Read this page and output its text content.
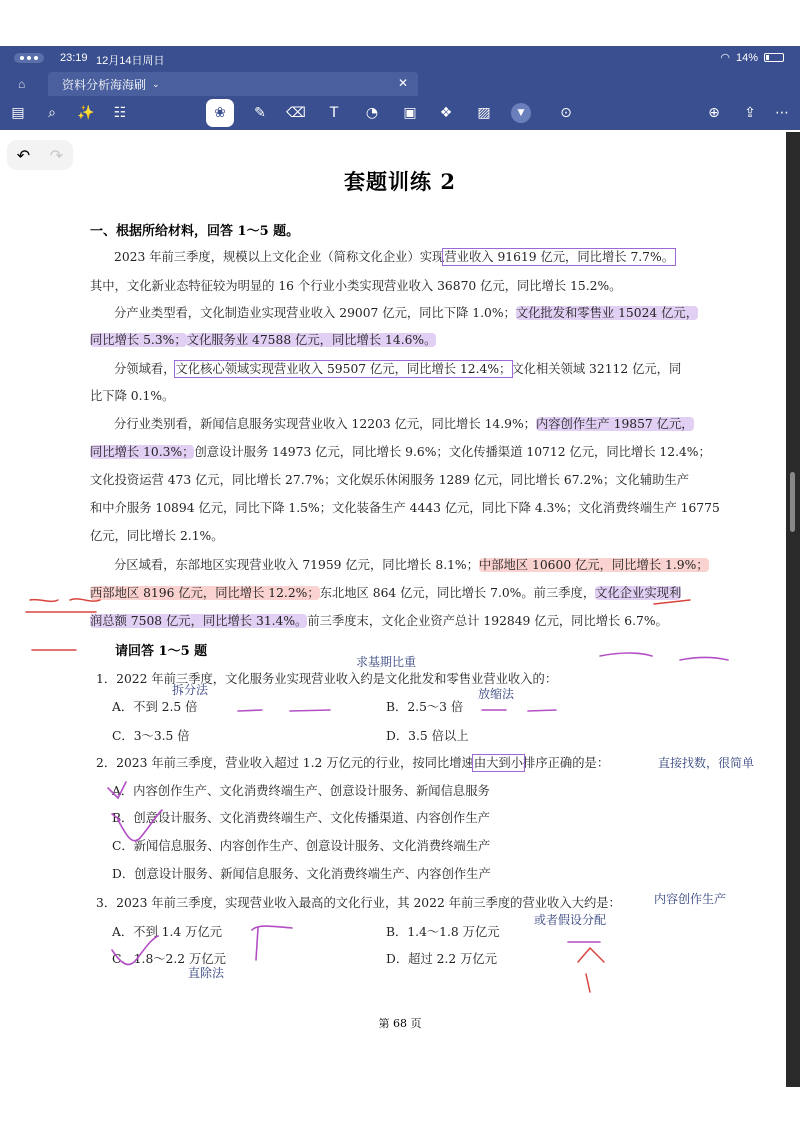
23:19 12月14日周日	◠ 14%
⌂	资料分析海海刷 ⌄	✕
▤	⌕	✨ ☷	❀	✎ ⌫	T	◔ ▣ ❖ ▨	▼	⊙	⊕ ⇪ ⋯
↶ ↷
套题训练 2
一、根据所给材料，回答 1～5 题。
2023 年前三季度，规模以上文化企业（简称文化企业）实现营业收入 91619 亿元，同比增长 7.7%。
其中，文化新业态特征较为明显的 16 个行业小类实现营业收入 36870 亿元，同比增长 15.2%。
分产业类型看，文化制造业实现营业收入 29007 亿元，同比下降 1.0%；文化批发和零售业 15024 亿元，
同比增长 5.3%；文化服务业 47588 亿元，同比增长 14.6%。
分领域看，文化核心领域实现营业收入 59507 亿元，同比增长 12.4%；文化相关领域 32112 亿元，同
比下降 0.1%。
分行业类别看，新闻信息服务实现营业收入 12203 亿元，同比增长 14.9%；内容创作生产 19857 亿元，
同比增长 10.3%；创意设计服务 14973 亿元，同比增长 9.6%；文化传播渠道 10712 亿元，同比增长 12.4%；
文化投资运营 473 亿元，同比增长 27.7%；文化娱乐休闲服务 1289 亿元，同比增长 67.2%；文化辅助生产
和中介服务 10894 亿元，同比下降 1.5%；文化装备生产 4443 亿元，同比下降 4.3%；文化消费终端生产 16775
亿元，同比增长 2.1%。
分区域看，东部地区实现营业收入 71959 亿元，同比增长 8.1%；中部地区 10600 亿元，同比增长 1.9%；
西部地区 8196 亿元，同比增长 12.2%；东北地区 864 亿元，同比增长 7.0%。前三季度，文化企业实现利
润总额 7508 亿元，同比增长 31.4%。前三季度末，文化企业资产总计 192849 亿元，同比增长 6.7%。
请回答 1～5 题
1．2022 年前三季度，文化服务业实现营业收入约是文化批发和零售业营业收入的：
A．不到 2.5 倍	B．2.5～3 倍
C．3～3.5 倍	D．3.5 倍以上
2．2023 年前三季度，营业收入超过 1.2 万亿元的行业，按同比增速由大到小排序正确的是：
A．内容创作生产、文化消费终端生产、创意设计服务、新闻信息服务
B．创意设计服务、文化消费终端生产、文化传播渠道、内容创作生产
C．新闻信息服务、内容创作生产、创意设计服务、文化消费终端生产
D．创意设计服务、新闻信息服务、文化消费终端生产、内容创作生产
3．2023 年前三季度，实现营业收入最高的文化行业，其 2022 年前三季度的营业收入大约是：
A．不到 1.4 万亿元	B．1.4～1.8 万亿元
C．1.8～2.2 万亿元	D．超过 2.2 万亿元
第 68 页
求基期比重
拆分法	放缩法
直接找数，很简单
内容创作生产
或者假设分配
直除法
